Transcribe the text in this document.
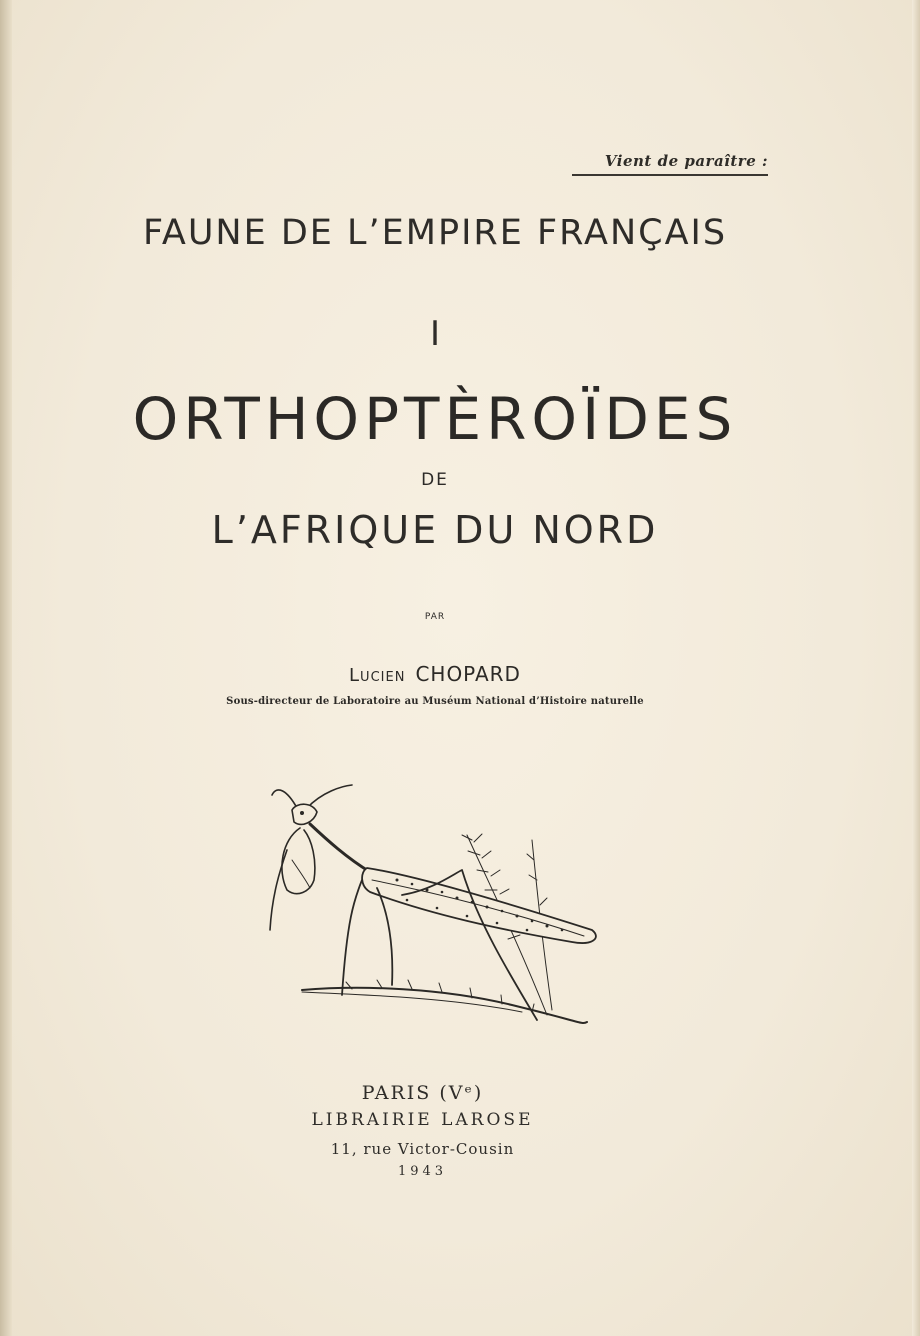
Vient de paraître :
FAUNE DE L’EMPIRE FRANÇAIS
I
ORTHOPTÈROÏDES
DE
L’AFRIQUE DU NORD
PAR
Lucien CHOPARD
Sous-directeur de Laboratoire au Muséum National d’Histoire naturelle
PARIS (Vᵉ)
LIBRAIRIE LAROSE
11, rue Victor-Cousin
1943
